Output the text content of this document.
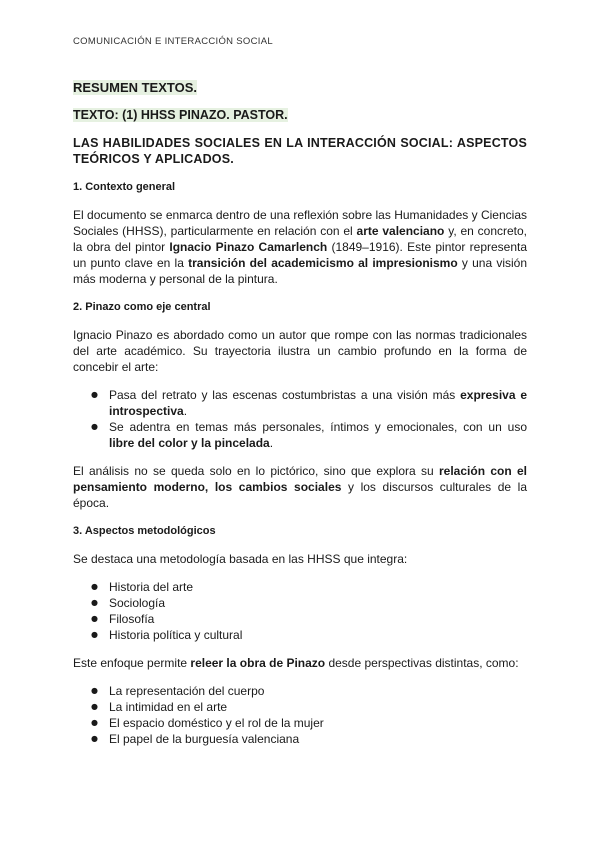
COMUNICACIÓN E INTERACCIÓN SOCIAL
RESUMEN TEXTOS.
TEXTO: (1) HHSS PINAZO. PASTOR.
LAS HABILIDADES SOCIALES EN LA INTERACCIÓN SOCIAL: ASPECTOS TEÓRICOS Y APLICADOS.
1. Contexto general

El documento se enmarca dentro de una reflexión sobre las Humanidades y Ciencias Sociales (HHSS), particularmente en relación con el arte valenciano y, en concreto, la obra del pintor Ignacio Pinazo Camarlench (1849–1916). Este pintor representa un punto clave en la transición del academicismo al impresionismo y una visión más moderna y personal de la pintura.

2. Pinazo como eje central

Ignacio Pinazo es abordado como un autor que rompe con las normas tradicionales del arte académico. Su trayectoria ilustra un cambio profundo en la forma de concebir el arte:

● Pasa del retrato y las escenas costumbristas a una visión más expresiva e introspectiva.
● Se adentra en temas más personales, íntimos y emocionales, con un uso libre del color y la pincelada.

El análisis no se queda solo en lo pictórico, sino que explora su relación con el pensamiento moderno, los cambios sociales y los discursos culturales de la época.

3. Aspectos metodológicos

Se destaca una metodología basada en las HHSS que integra:

● Historia del arte
● Sociología
● Filosofía
● Historia política y cultural

Este enfoque permite releer la obra de Pinazo desde perspectivas distintas, como:

● La representación del cuerpo
● La intimidad en el arte
● El espacio doméstico y el rol de la mujer
● El papel de la burguesía valenciana
